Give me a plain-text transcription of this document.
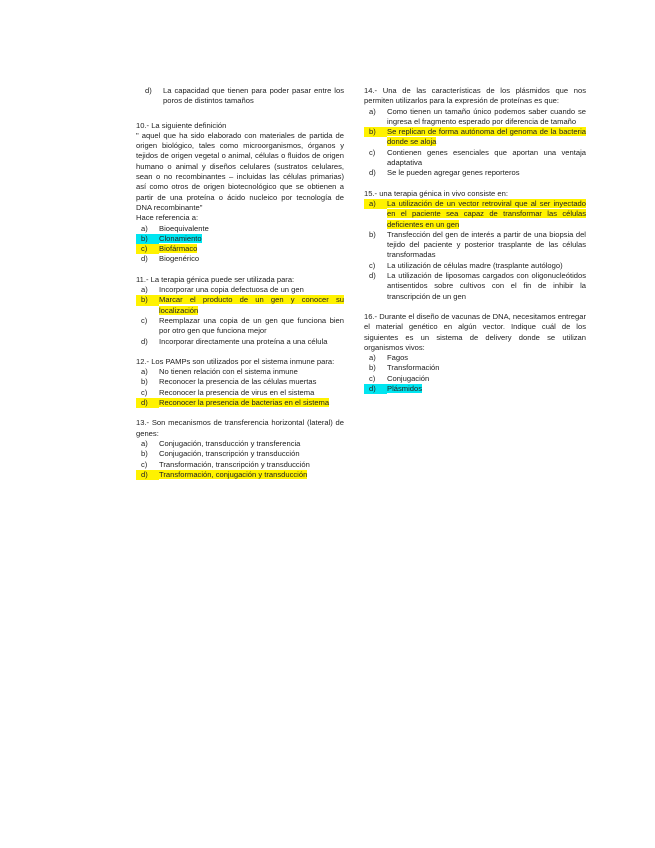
d)	La capacidad que tienen para poder pasar entre los poros de distintos tamaños
10.- La siguiente definición
" aquel que ha sido elaborado con materiales de partida de origen biológico, tales como microorganismos, órganos y tejidos de origen vegetal o animal, células o fluidos de origen humano o animal y diseños celulares (sustratos celulares, sean o no recombinantes – incluidas las células primarias) así como otros de origen biotecnológico que se obtienen a partir de una proteína o ácido nucleico por tecnología de DNA recombinante"
Hace referencia a:
a)	Bioequivalente
b)	Clonamiento
c)	Biofármaco
d)	Biogenérico
11.- La terapia génica puede ser utilizada para:
a)	Incorporar una copia defectuosa de un gen
b)	Marcar el producto de un gen y conocer su localización
c)	Reemplazar una copia de un gen que funciona bien por otro gen que funciona mejor
d)	Incorporar directamente una proteína a una célula
12.- Los PAMPs son utilizados por el sistema inmune para:
a)	No tienen relación con el sistema inmune
b)	Reconocer la presencia de las células muertas
c)	Reconocer la presencia de virus en el sistema
d)	Reconocer la presencia de bacterias en el sistema
13.- Son mecanismos de transferencia horizontal (lateral) de genes:
a)	Conjugación, transducción y transferencia
b)	Conjugación, transcripción y transducción
c)	Transformación, transcripción y transducción
d)	Transformación, conjugación y transducción
14.- Una de las características de los plásmidos que nos permiten utilizarlos para la expresión de proteínas es que:
a)	Como tienen un tamaño único podemos saber cuando se ingresa el fragmento esperado por diferencia de tamaño
b)	Se replican de forma autónoma del genoma de la bacteria donde se aloja
c)	Contienen genes esenciales que aportan una ventaja adaptativa
d)	Se le pueden agregar genes reporteros
15.- una terapia génica in vivo consiste en:
a)	La utilización de un vector retroviral que al ser inyectado en el paciente sea capaz de transformar las células deficientes en un gen
b)	Transfección del gen de interés a partir de una biopsia del tejido del paciente y posterior trasplante de las células transformadas
c)	La utilización de células madre (trasplante autólogo)
d)	La utilización de liposomas cargados con oligonucleótidos antisentidos sobre cultivos con el fin de inhibir la transcripción de un gen
16.- Durante el diseño de vacunas de DNA, necesitamos entregar el material genético en algún vector. Indique cuál de los siguientes es un sistema de delivery donde se utilizan organismos vivos:
a)	Fagos
b)	Transformación
c)	Conjugación
d)	Plásmidos
